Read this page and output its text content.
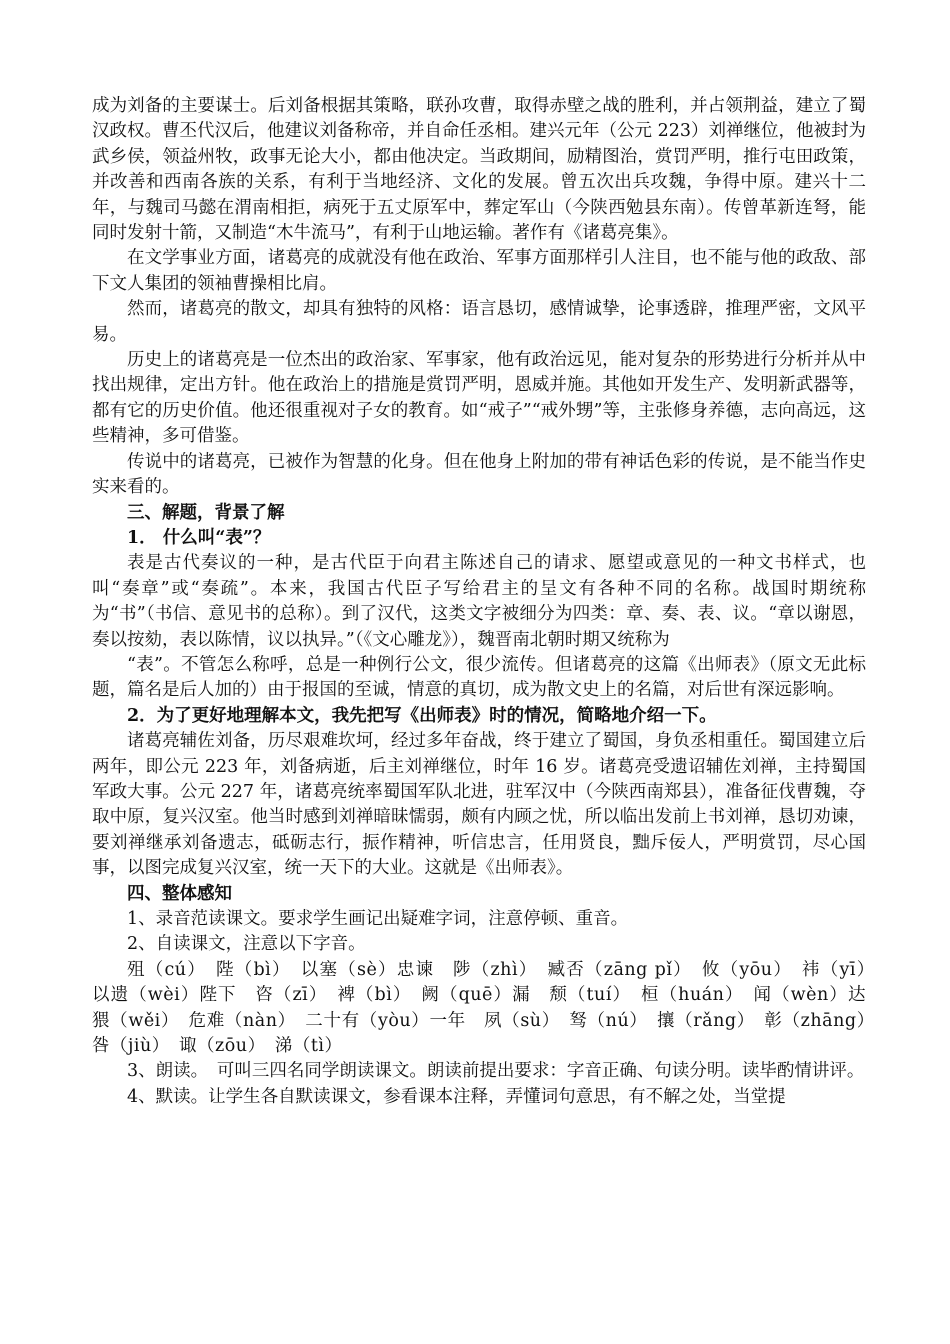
成为刘备的主要谋士。后刘备根据其策略，联孙攻曹，取得赤壁之战的胜利，并占领荆益，建立了蜀汉政权。曹丕代汉后，他建议刘备称帝，并自命任丞相。建兴元年（公元 223）刘禅继位，他被封为武乡侯，领益州牧，政事无论大小，都由他决定。当政期间，励精图治，赏罚严明，推行屯田政策，并改善和西南各族的关系，有利于当地经济、文化的发展。曾五次出兵攻魏，争得中原。建兴十二年，与魏司马懿在渭南相拒，病死于五丈原军中，葬定军山（今陕西勉县东南）。传曾革新连弩，能同时发射十箭，又制造“木牛流马”，有利于山地运输。著作有《诸葛亮集》。

在文学事业方面，诸葛亮的成就没有他在政治、军事方面那样引人注目，也不能与他的政敌、部下文人集团的领袖曹操相比肩。

然而，诸葛亮的散文，却具有独特的风格：语言恳切，感情诚挚，论事透辟，推理严密，文风平易。

历史上的诸葛亮是一位杰出的政治家、军事家，他有政治远见，能对复杂的形势进行分析并从中找出规律，定出方针。他在政治上的措施是赏罚严明，恩威并施。其他如开发生产、发明新武器等，都有它的历史价值。他还很重视对子女的教育。如“戒子”“戒外甥”等，主张修身养德，志向高远，这些精神，多可借鉴。

传说中的诸葛亮，已被作为智慧的化身。但在他身上附加的带有神话色彩的传说，是不能当作史实来看的。

三、解题，背景了解

1． 什么叫“表”？

表是古代奏议的一种，是古代臣于向君主陈述自己的请求、愿望或意见的一种文书样式，也叫“奏章”或“奏疏”。本来，我国古代臣子写给君主的呈文有各种不同的名称。战国时期统称为“书”（书信、意见书的总称）。到了汉代，这类文字被细分为四类：章、奏、表、议。“章以谢恩，奏以按劾，表以陈情，议以执异。”（《文心雕龙》），魏晋南北朝时期又统称为

“表”。不管怎么称呼，总是一种例行公文，很少流传。但诸葛亮的这篇《出师表》（原文无此标题，篇名是后人加的）由于报国的至诚，情意的真切，成为散文史上的名篇，对后世有深远影响。

2．为了更好地理解本文，我先把写《出师表》时的情况，简略地介绍一下。

诸葛亮辅佐刘备，历尽艰难坎坷，经过多年奋战，终于建立了蜀国，身负丞相重任。蜀国建立后两年，即公元 223 年，刘备病逝，后主刘禅继位，时年 16 岁。诸葛亮受遗诏辅佐刘禅，主持蜀国军政大事。公元 227 年，诸葛亮统率蜀国军队北进，驻军汉中（今陕西南郑县），准备征伐曹魏，夺取中原，复兴汉室。他当时感到刘禅暗昧懦弱，颇有内顾之忧，所以临出发前上书刘禅，恳切劝谏，要刘禅继承刘备遗志，砥砺志行，振作精神，听信忠言，任用贤良，黜斥佞人，严明赏罚，尽心国事，以图完成复兴汉室，统一天下的大业。这就是《出师表》。

四、整体感知

1、录音范读课文。要求学生画记出疑难字词，注意停顿、重音。

2、自读课文，注意以下字音。

殂（cú）　陛（bì）　以塞（sè）忠谏　陟（zhì）　臧否（zāng pǐ）　攸（yōu）　祎（yī）　以遗（wèi）陛下　咨（zī）　裨（bì）　阙（quē）漏　颓（tuí）　桓（huán）　闻（wèn）达　猥（wěi）　危难（nàn）　二十有（yòu）一年　夙（sù）　驽（nú）　攘（rǎng）　彰（zhāng）咎（jiù）　诹（zōu）　涕（tì）

3、朗读。　可叫三四名同学朗读课文。朗读前提出要求：字音正确、句读分明。读毕酌情讲评。

4、默读。让学生各自默读课文，参看课本注释，弄懂词句意思，有不解之处，当堂提
